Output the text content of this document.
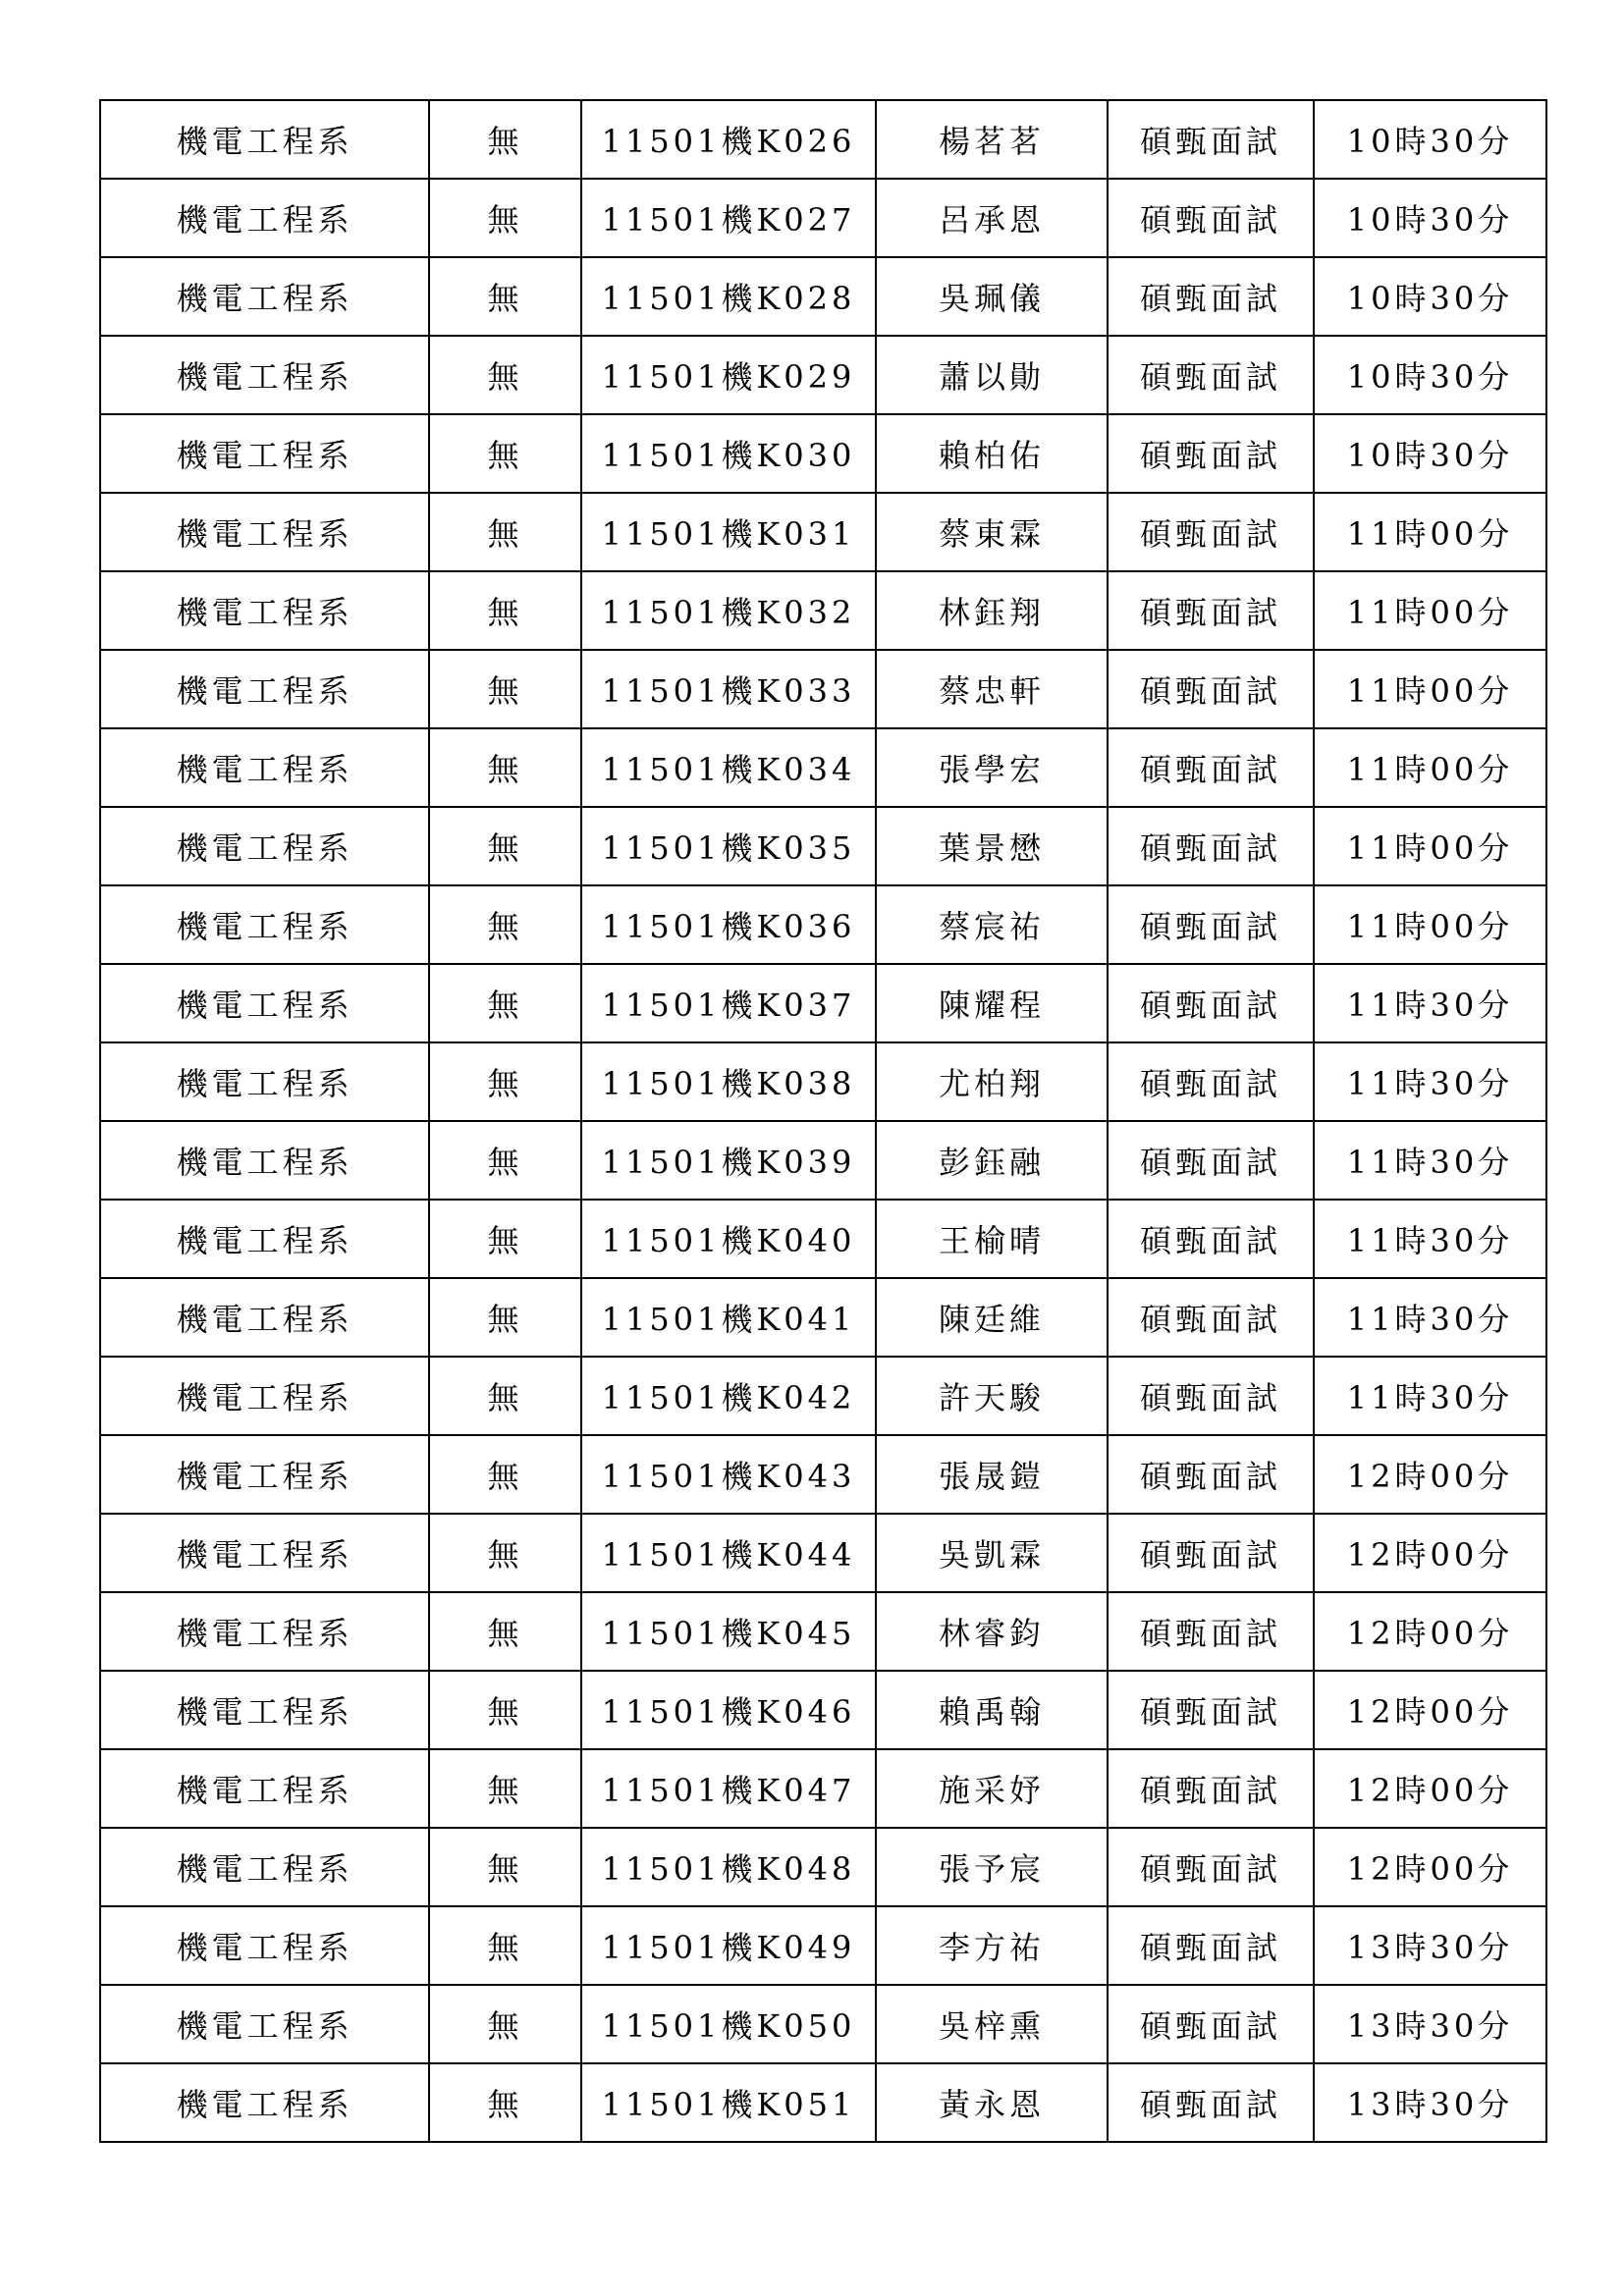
機電工程系	無	11501機K026	楊茗茗	碩甄面試	10時30分
機電工程系	無	11501機K027	呂承恩	碩甄面試	10時30分
機電工程系	無	11501機K028	吳珮儀	碩甄面試	10時30分
機電工程系	無	11501機K029	蕭以勛	碩甄面試	10時30分
機電工程系	無	11501機K030	賴柏佑	碩甄面試	10時30分
機電工程系	無	11501機K031	蔡東霖	碩甄面試	11時00分
機電工程系	無	11501機K032	林鈺翔	碩甄面試	11時00分
機電工程系	無	11501機K033	蔡忠軒	碩甄面試	11時00分
機電工程系	無	11501機K034	張學宏	碩甄面試	11時00分
機電工程系	無	11501機K035	葉景懋	碩甄面試	11時00分
機電工程系	無	11501機K036	蔡宸祐	碩甄面試	11時00分
機電工程系	無	11501機K037	陳耀程	碩甄面試	11時30分
機電工程系	無	11501機K038	尤柏翔	碩甄面試	11時30分
機電工程系	無	11501機K039	彭鈺融	碩甄面試	11時30分
機電工程系	無	11501機K040	王榆晴	碩甄面試	11時30分
機電工程系	無	11501機K041	陳廷維	碩甄面試	11時30分
機電工程系	無	11501機K042	許天駿	碩甄面試	11時30分
機電工程系	無	11501機K043	張晟鎧	碩甄面試	12時00分
機電工程系	無	11501機K044	吳凱霖	碩甄面試	12時00分
機電工程系	無	11501機K045	林睿鈞	碩甄面試	12時00分
機電工程系	無	11501機K046	賴禹翰	碩甄面試	12時00分
機電工程系	無	11501機K047	施采妤	碩甄面試	12時00分
機電工程系	無	11501機K048	張予宸	碩甄面試	12時00分
機電工程系	無	11501機K049	李方祐	碩甄面試	13時30分
機電工程系	無	11501機K050	吳梓熏	碩甄面試	13時30分
機電工程系	無	11501機K051	黃永恩	碩甄面試	13時30分
